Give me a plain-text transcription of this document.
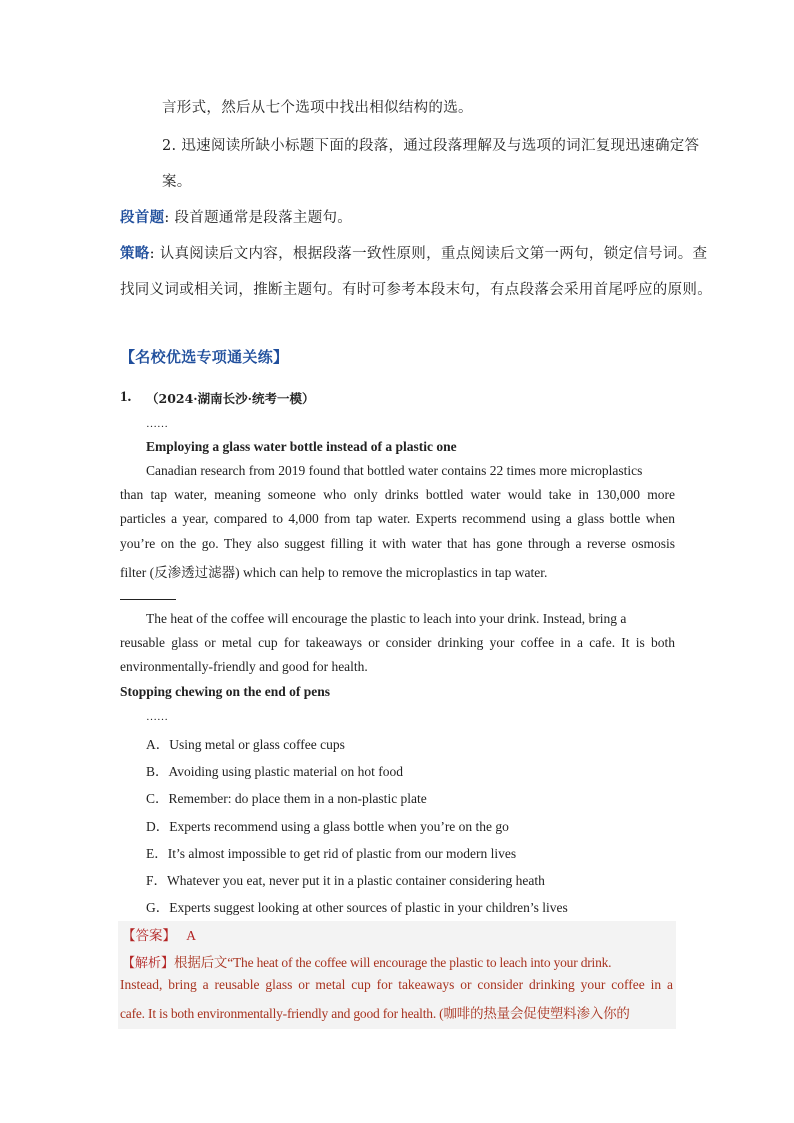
言形式，然后从七个选项中找出相似结构的选。
2. 迅速阅读所缺小标题下面的段落，通过段落理解及与选项的词汇复现迅速确定答
案。
段首题: 段首题通常是段落主题句。
策略: 认真阅读后文内容，根据段落一致性原则，重点阅读后文第一两句，锁定信号词。查
找同义词或相关词，推断主题句。有时可参考本段末句，有点段落会采用首尾呼应的原则。
【名校优选专项通关练】
1. （2024·湖南长沙·统考一模）
……
Employing a glass water bottle instead of a plastic one
Canadian research from 2019 found that bottled water contains 22 times more microplastics
than tap water, meaning someone who only drinks bottled water would take in 130,000 more
particles a year, compared to 4,000 from tap water. Experts recommend using a glass bottle when
you’re on the go. They also suggest filling it with water that has gone through a reverse osmosis
filter (反渗透过滤器) which can help to remove the microplastics in tap water.
The heat of the coffee will encourage the plastic to leach into your drink. Instead, bring a
reusable glass or metal cup for takeaways or consider drinking your coffee in a cafe. It is both
environmentally-friendly and good for health.
Stopping chewing on the end of pens
……
A．Using metal or glass coffee cups
B．Avoiding using plastic material on hot food
C．Remember: do place them in a non-plastic plate
D．Experts recommend using a glass bottle when you’re on the go
E．It’s almost impossible to get rid of plastic from our modern lives
F．Whatever you eat, never put it in a plastic container considering heath
G．Experts suggest looking at other sources of plastic in your children’s lives
【答案】 A
【解析】根据后文“The heat of the coffee will encourage the plastic to leach into your drink.
Instead, bring a reusable glass or metal cup for takeaways or consider drinking your coffee in a
cafe. It is both environmentally-friendly and good for health. (咖啡的热量会促使塑料渗入你的
